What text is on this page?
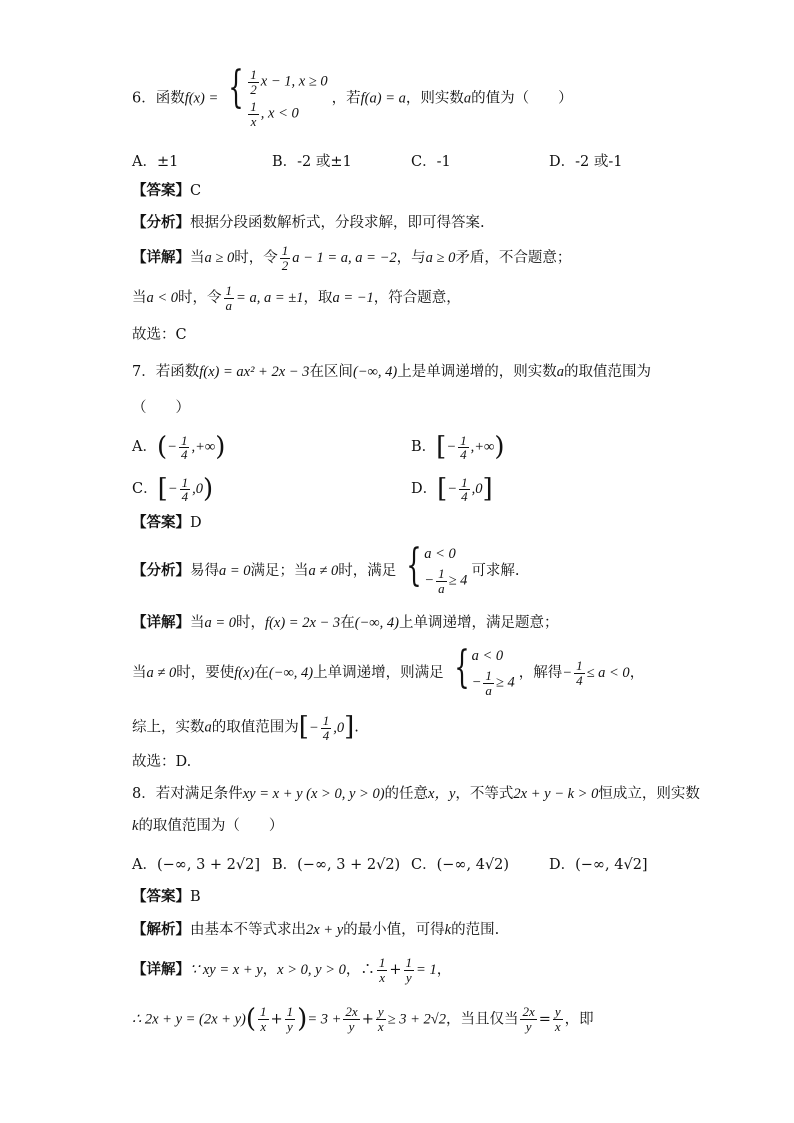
6．函数f(x) = { $\frac{1}{2}$ x − 1, x ≥ 0
$\frac{1}{x}$ , x < 0
，若f(a) = a，则实数a的值为（　　）
A．±1	B．-2 或±1	C．-1	D．-2 或-1
【答案】C
【分析】根据分段函数解析式，分段求解，即可得答案.
【详解】当a ≥ 0时，令 $\frac{1}{2}$ a − 1 = a, a = −2，与a ≥ 0矛盾，不合题意；
当a < 0时，令 $\frac{1}{a} = a$, a = ±1，取a = −1，符合题意，
故选：C
7．若函数f(x) = ax² + 2x − 3在区间(−∞, 4)上是单调递增的，则实数a的取值范围为
（　　）
A．(− $\frac{1}{4}$ ,+∞)	B．[− $\frac{1}{4}$ ,+∞)
C．[− $\frac{1}{4} ,0$)	D．[− $\frac{1}{4} ,0$]
【答案】D
【分析】易得a = 0满足；当a ≠ 0时，满足 { a < 0
− $\frac{1}{a} \ge 4$
可求解.
【详解】当a = 0时，f(x) = 2x − 3在(−∞, 4)上单调递增，满足题意；
当a ≠ 0时，要使f(x)在(−∞, 4)上单调递增，则满足 { a < 0
− $\frac{1}{a} \ge 4$
，解得− $\frac{1}{4} \le a < 0$，
综上，实数a的取值范围为[− $\frac{1}{4} ,0$].
故选：D.
8．若对满足条件xy = x + y (x > 0, y > 0)的任意x，y，不等式2x + y − k > 0恒成立，则实数
k的取值范围为（　　）
A．(−∞, 3 + 2√2] B．(−∞, 3 + 2√2) C．(−∞, 4√2)	D．(−∞, 4√2]
【答案】B
【解析】由基本不等式求出2x + y的最小值，可得k的范围.
【详解】∵ xy = x + y，x > 0, y > 0，∴ $\frac{1}{x} + \frac{1}{y} = 1$，
∴ $2x + y = (2x + y)( \frac{1}{x} + \frac{1}{y}$ )= $3 + \frac{2x}{y} + \frac{y}{x} \ge 3 + 2√2$，当且仅当 $\frac{2x}{y} = \frac{y}{x}$ ，即
